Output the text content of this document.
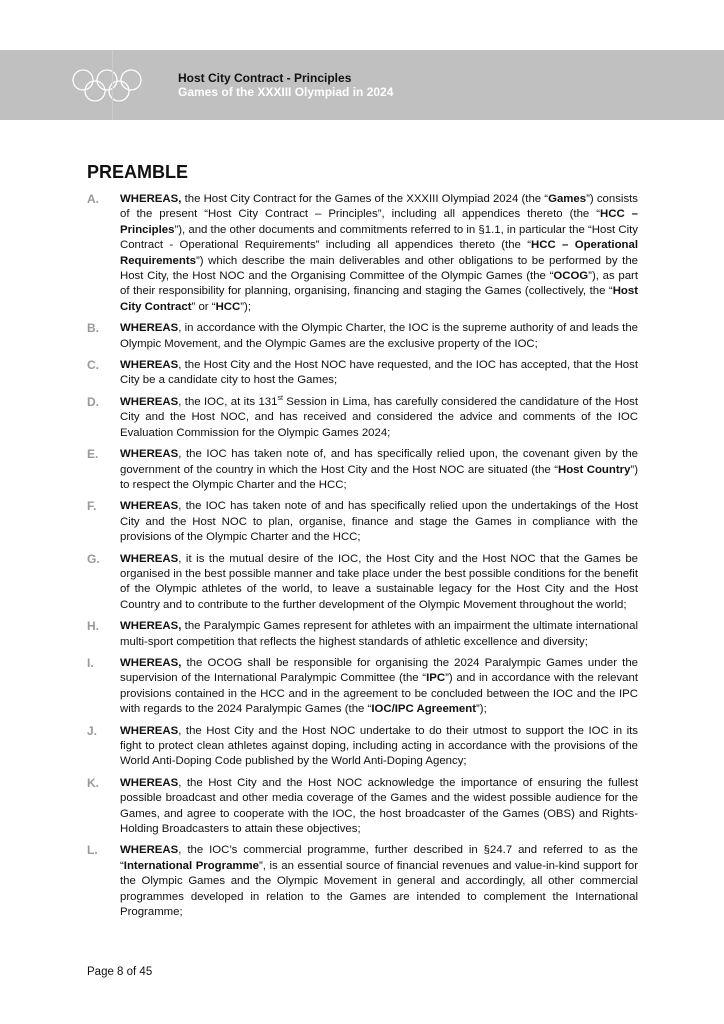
Host City Contract - Principles
Games of the XXXIII Olympiad in 2024
PREAMBLE
A.	WHEREAS, the Host City Contract for the Games of the XXXIII Olympiad 2024 (the “Games”) consists of the present “Host City Contract – Principles”, including all appendices thereto (the “HCC – Principles”), and the other documents and commitments referred to in §1.1, in particular the “Host City Contract - Operational Requirements” including all appendices thereto (the “HCC – Operational Requirements”) which describe the main deliverables and other obligations to be performed by the Host City, the Host NOC and the Organising Committee of the Olympic Games (the “OCOG”), as part of their responsibility for planning, organising, financing and staging the Games (collectively, the “Host City Contract” or “HCC”);
B.	WHEREAS, in accordance with the Olympic Charter, the IOC is the supreme authority of and leads the Olympic Movement, and the Olympic Games are the exclusive property of the IOC;
C.	WHEREAS, the Host City and the Host NOC have requested, and the IOC has accepted, that the Host City be a candidate city to host the Games;
D.	WHEREAS, the IOC, at its 131st Session in Lima, has carefully considered the candidature of the Host City and the Host NOC, and has received and considered the advice and comments of the IOC Evaluation Commission for the Olympic Games 2024;
E.	WHEREAS, the IOC has taken note of, and has specifically relied upon, the covenant given by the government of the country in which the Host City and the Host NOC are situated (the “Host Country”) to respect the Olympic Charter and the HCC;
F.	WHEREAS, the IOC has taken note of and has specifically relied upon the undertakings of the Host City and the Host NOC to plan, organise, finance and stage the Games in compliance with the provisions of the Olympic Charter and the HCC;
G.	WHEREAS, it is the mutual desire of the IOC, the Host City and the Host NOC that the Games be organised in the best possible manner and take place under the best possible conditions for the benefit of the Olympic athletes of the world, to leave a sustainable legacy for the Host City and the Host Country and to contribute to the further development of the Olympic Movement throughout the world;
H.	WHEREAS, the Paralympic Games represent for athletes with an impairment the ultimate international multi-sport competition that reflects the highest standards of athletic excellence and diversity;
I.	WHEREAS, the OCOG shall be responsible for organising the 2024 Paralympic Games under the supervision of the International Paralympic Committee (the “IPC”) and in accordance with the relevant provisions contained in the HCC and in the agreement to be concluded between the IOC and the IPC with regards to the 2024 Paralympic Games (the “IOC/IPC Agreement”);
J.	WHEREAS, the Host City and the Host NOC undertake to do their utmost to support the IOC in its fight to protect clean athletes against doping, including acting in accordance with the provisions of the World Anti-Doping Code published by the World Anti-Doping Agency;
K.	WHEREAS, the Host City and the Host NOC acknowledge the importance of ensuring the fullest possible broadcast and other media coverage of the Games and the widest possible audience for the Games, and agree to cooperate with the IOC, the host broadcaster of the Games (OBS) and Rights-Holding Broadcasters to attain these objectives;
L.	WHEREAS, the IOC’s commercial programme, further described in §24.7 and referred to as the “International Programme”, is an essential source of financial revenues and value-in-kind support for the Olympic Games and the Olympic Movement in general and accordingly, all other commercial programmes developed in relation to the Games are intended to complement the International Programme;
Page 8 of 45
